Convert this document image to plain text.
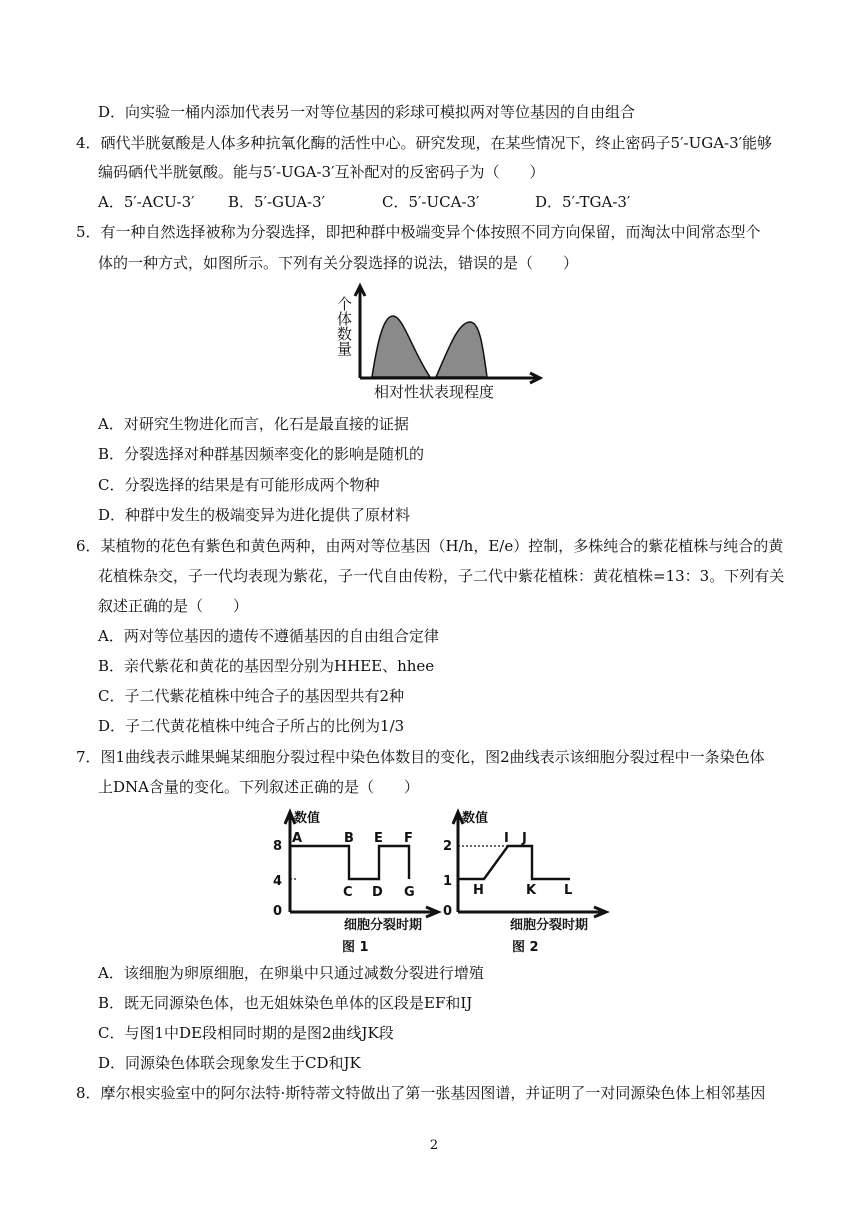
D．向实验一桶内添加代表另一对等位基因的彩球可模拟两对等位基因的自由组合
4．硒代半胱氨酸是人体多种抗氧化酶的活性中心。研究发现，在某些情况下，终止密码子5′-UGA-3′能够
编码硒代半胱氨酸。能与5′-UGA-3′互补配对的反密码子为（　　）
A．5′-ACU-3′ B．5′-GUA-3′	C．5′-UCA-3′	D．5′-TGA-3′
5．有一种自然选择被称为分裂选择，即把种群中极端变异个体按照不同方向保留，而淘汰中间常态型个
体的一种方式，如图所示。下列有关分裂选择的说法，错误的是（　　）
个体数量
相对性状表现程度
A．对研究生物进化而言，化石是最直接的证据
B．分裂选择对种群基因频率变化的影响是随机的
C．分裂选择的结果是有可能形成两个物种
D．种群中发生的极端变异为进化提供了原材料
6．某植物的花色有紫色和黄色两种，由两对等位基因（H/h，E/e）控制，多株纯合的紫花植株与纯合的黄
花植株杂交，子一代均表现为紫花，子一代自由传粉，子二代中紫花植株：黄花植株=13：3。下列有关
叙述正确的是（　　）
A．两对等位基因的遗传不遵循基因的自由组合定律
B．亲代紫花和黄花的基因型分别为HHEE、hhee
C．子二代紫花植株中纯合子的基因型共有2种
D．子二代黄花植株中纯合子所占的比例为1/3
7．图1曲线表示雌果蝇某细胞分裂过程中染色体数目的变化，图2曲线表示该细胞分裂过程中一条染色体
上DNA含量的变化。下列叙述正确的是（　　）
数值
8
4
0
A	B
C D
E F
G
细胞分裂时期
图 1
数值
2
1
0
H
I J
K L
细胞分裂时期
图 2
A．该细胞为卵原细胞，在卵巢中只通过减数分裂进行增殖
B．既无同源染色体，也无姐妹染色单体的区段是EF和IJ
C．与图1中DE段相同时期的是图2曲线JK段
D．同源染色体联会现象发生于CD和JK
8．摩尔根实验室中的阿尔法特·斯特蒂文特做出了第一张基因图谱，并证明了一对同源染色体上相邻基因
2
